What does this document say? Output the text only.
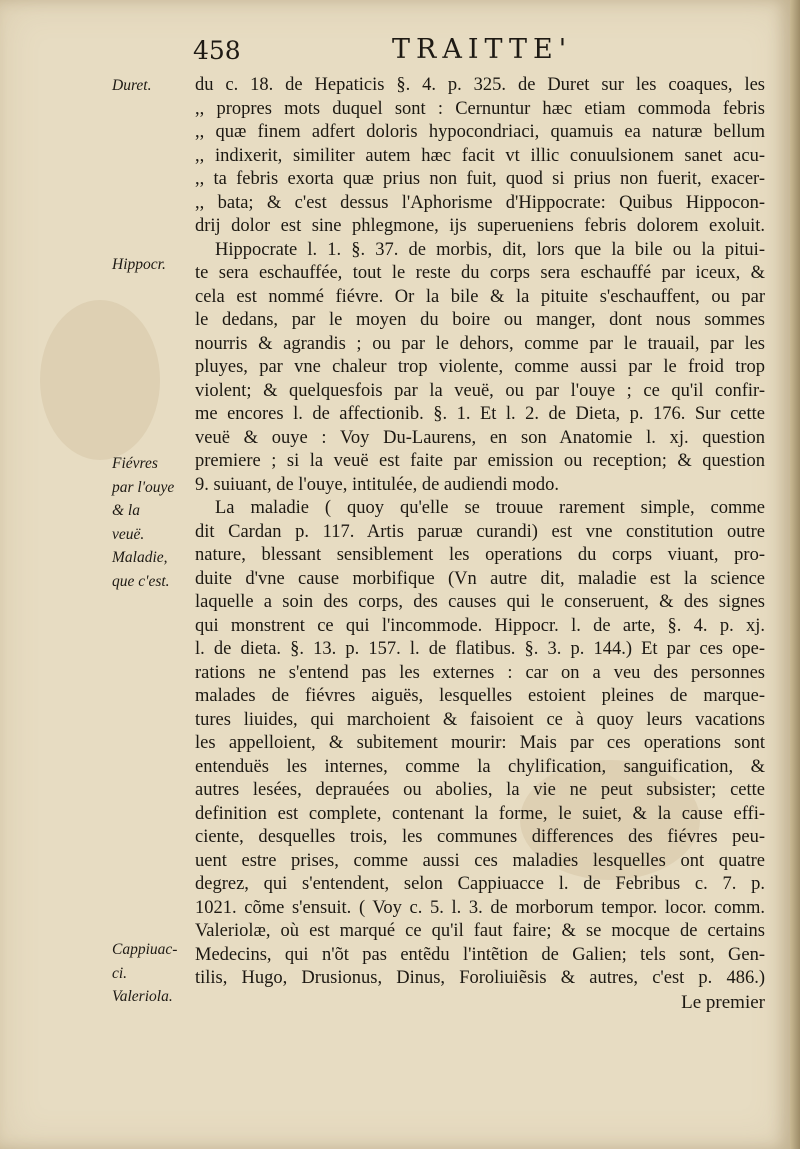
458	TRAITTE'

Duret.

Hippocr.

Fiévres
par l'ouye
& la
veuë.

Maladie,
que c'est.

Cappiuac-
ci.

Valeriola.

du c. 18. de Hepaticis §. 4. p. 325. de Duret sur les coaques, les
,, propres mots duquel sont : Cernuntur hæc etiam commoda febris
,, quæ finem adfert doloris hypocondriaci, quamuis ea naturæ bellum
,, indixerit, similiter autem hæc facit vt illic conuulsionem sanet acu-
,, ta febris exorta quæ prius non fuit, quod si prius non fuerit, exacer-
,, bata; & c'est dessus l'Aphorisme d'Hippocrate: Quibus Hippocon-
drij dolor est sine phlegmone, ijs superueniens febris dolorem exoluit.
Hippocrate l. 1. §. 37. de morbis, dit, lors que la bile ou la pitui-
te sera eschauffée, tout le reste du corps sera eschauffé par iceux, &
cela est nommé fiévre. Or la bile & la pituite s'eschauffent, ou par
le dedans, par le moyen du boire ou manger, dont nous sommes
nourris & agrandis ; ou par le dehors, comme par le trauail, par les
pluyes, par vne chaleur trop violente, comme aussi par le froid trop
violent; & quelquesfois par la veuë, ou par l'ouye ; ce qu'il confir-
me encores l. de affectionib. §. 1. Et l. 2. de Dieta, p. 176. Sur cette
veuë & ouye : Voy Du-Laurens, en son Anatomie l. xj. question
premiere ; si la veuë est faite par emission ou reception; & question
9. suiuant, de l'ouye, intitulée, de audiendi modo.
La maladie ( quoy qu'elle se trouue rarement simple, comme
dit Cardan p. 117. Artis paruæ curandi) est vne constitution outre
nature, blessant sensiblement les operations du corps viuant, pro-
duite d'vne cause morbifique (Vn autre dit, maladie est la science
laquelle a soin des corps, des causes qui le conseruent, & des signes
qui monstrent ce qui l'incommode. Hippocr. l. de arte, §. 4. p. xj.
l. de dieta. §. 13. p. 157. l. de flatibus. §. 3. p. 144.) Et par ces ope-
rations ne s'entend pas les externes : car on a veu des personnes
malades de fiévres aiguës, lesquelles estoient pleines de marque-
tures liuides, qui marchoient & faisoient ce à quoy leurs vacations
les appelloient, & subitement mourir: Mais par ces operations sont
entenduës les internes, comme la chylification, sanguification, &
autres lesées, deprauées ou abolies, la vie ne peut subsister; cette
definition est complete, contenant la forme, le suiet, & la cause effi-
ciente, desquelles trois, les communes differences des fiévres peu-
uent estre prises, comme aussi ces maladies lesquelles ont quatre
degrez, qui s'entendent, selon Cappiuacce l. de Febribus c. 7. p.
1021. cõme s'ensuit. ( Voy c. 5. l. 3. de morborum tempor. locor. comm.
Valeriolæ, où est marqué ce qu'il faut faire; & se mocque de certains
Medecins, qui n'õt pas entẽdu l'intẽtion de Galien; tels sont, Gen-
tilis, Hugo, Drusionus, Dinus, Foroliuiẽsis & autres, c'est p. 486.)
Le premier
